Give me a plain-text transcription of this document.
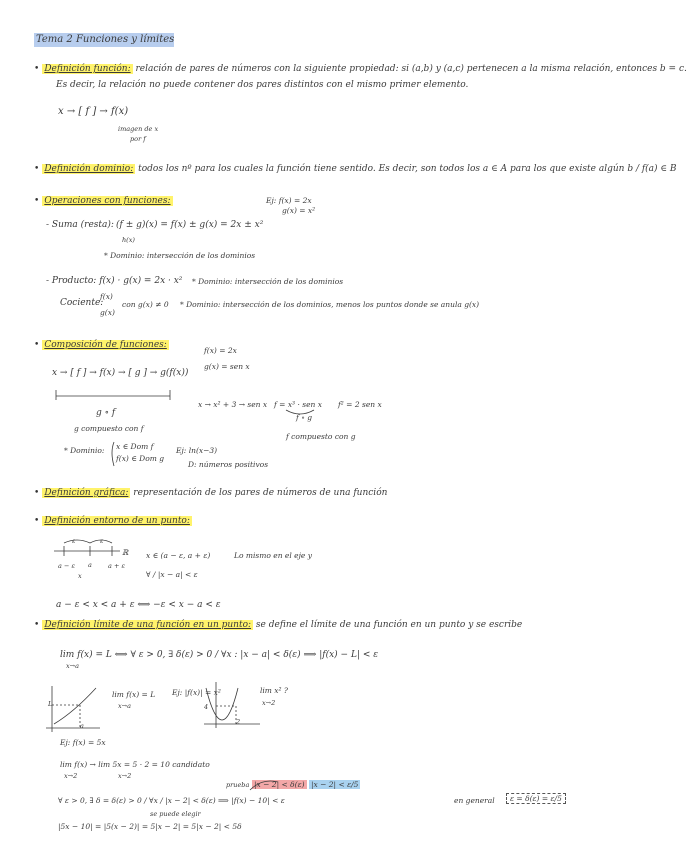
Tema 2 Funciones y límites
• Definición función: relación de pares de números con la siguiente propiedad: si (a,b) y (a,c) pertenecen a la misma relación, entonces b = c.
Es decir, la relación no puede contener dos pares distintos con el mismo primer elemento.
x → [ f ] → f(x)
imagen de x
por f
• Definición dominio: todos los nº para los cuales la función tiene sentido. Es decir, son todos los a ∈ A para los que existe algún b / f(a) ∈ B
• Operaciones con funciones:	Ej: f(x) = 2x
g(x) = x²
- Suma (resta): (f ± g)(x) = f(x) ± g(x) = 2x ± x²
h(x)
* Dominio: intersección de los dominios
- Producto: f(x) · g(x) = 2x · x² * Dominio: intersección de los dominios
Cociente:
f(x)
g(x)
con g(x) ≠ 0 * Dominio: intersección de los dominios, menos los puntos donde se anula g(x)
• Composición de funciones:
f(x) = 2x
g(x) = sen x
x → [ f ] → f(x) → [ g ] → g(f(x))
g ∘ f
g compuesto con f
x → x² + 3 → sen x f = x³ · sen x f² = 2 sen x
f ∘ g
f compuesto con g
* Dominio: x ∈ Dom f
f(x) ∈ Dom g
Ej: ln(x−3)
D: números positivos
• Definición gráfica: representación de los pares de números de una función
• Definición entorno de un punto:
ε	ε
ℝ
a − ε a a + ε
x
x ∈ (a − ε, a + ε)	Lo mismo en el eje y
∀ / |x − a| < ε
a − ε < x < a + ε ⟺ −ε < x − a < ε
• Definición límite de una función en un punto: se define el límite de una función en un punto y se escribe
lim f(x) = L ⟺ ∀ ε > 0, ∃ δ(ε) > 0 / ∀x : |x − a| < δ(ε) ⟹ |f(x) − L| < ε
x→a
L
a
lim f(x) = L
x→a
Ej: |f(x)| = x²
4
2
lim x² ?
x→2
Ej: f(x) = 5x
lim f(x) → lim 5x = 5 · 2 = 10 candidato
x→2	x→2
prueba
∀ ε > 0, ∃ δ = δ(ε) > 0 / ∀x / |x − 2| < δ(ε) ⟹ |f(x) − 10| < ε
|x − 2| < δ(ε) |x − 2| < ε/5
en general	ε = δ(ε) = ε/5
se puede elegir
|5x − 10| = |5(x − 2)| = 5|x − 2| = 5|x − 2| < 5δ
